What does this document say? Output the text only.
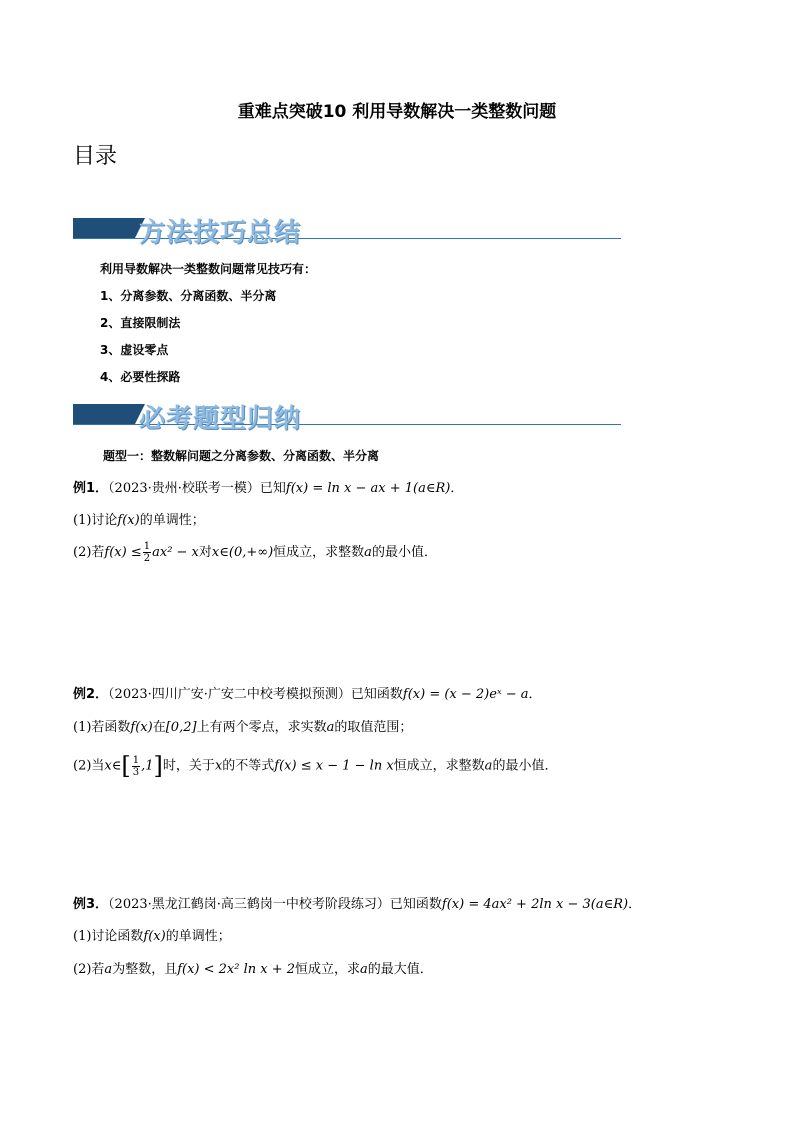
重难点突破10 利用导数解决一类整数问题
目录
方法技巧总结
利用导数解决一类整数问题常见技巧有：
1、分离参数、分离函数、半分离
2、直接限制法
3、虚设零点
4、必要性探路
必考题型归纳
题型一：整数解问题之分离参数、分离函数、半分离
例1．（2023·贵州·校联考一模）已知f(x) = ln x − ax + 1(a∈R)．
(1)讨论f(x)的单调性；
(2)若$f(x) \le \frac{1}{2} ax^2 - x$对x∈(0,+∞)恒成立，求整数a的最小值．
例2．（2023·四川广安·广安二中校考模拟预测）已知函数f(x) = (x − 2)eˣ − a．
(1)若函数f(x)在[0,2]上有两个零点，求实数a的取值范围；
(2)当x∈[ $\frac{1}{3} ,1$]时，关于x的不等式f(x) ≤ x − 1 − ln x恒成立，求整数a的最小值．
例3．（2023·黑龙江鹤岗·高三鹤岗一中校考阶段练习）已知函数f(x) = 4ax² + 2ln x − 3(a∈R)．
(1)讨论函数f(x)的单调性；
(2)若a为整数，且f(x) < 2x² ln x + 2恒成立，求a的最大值．
